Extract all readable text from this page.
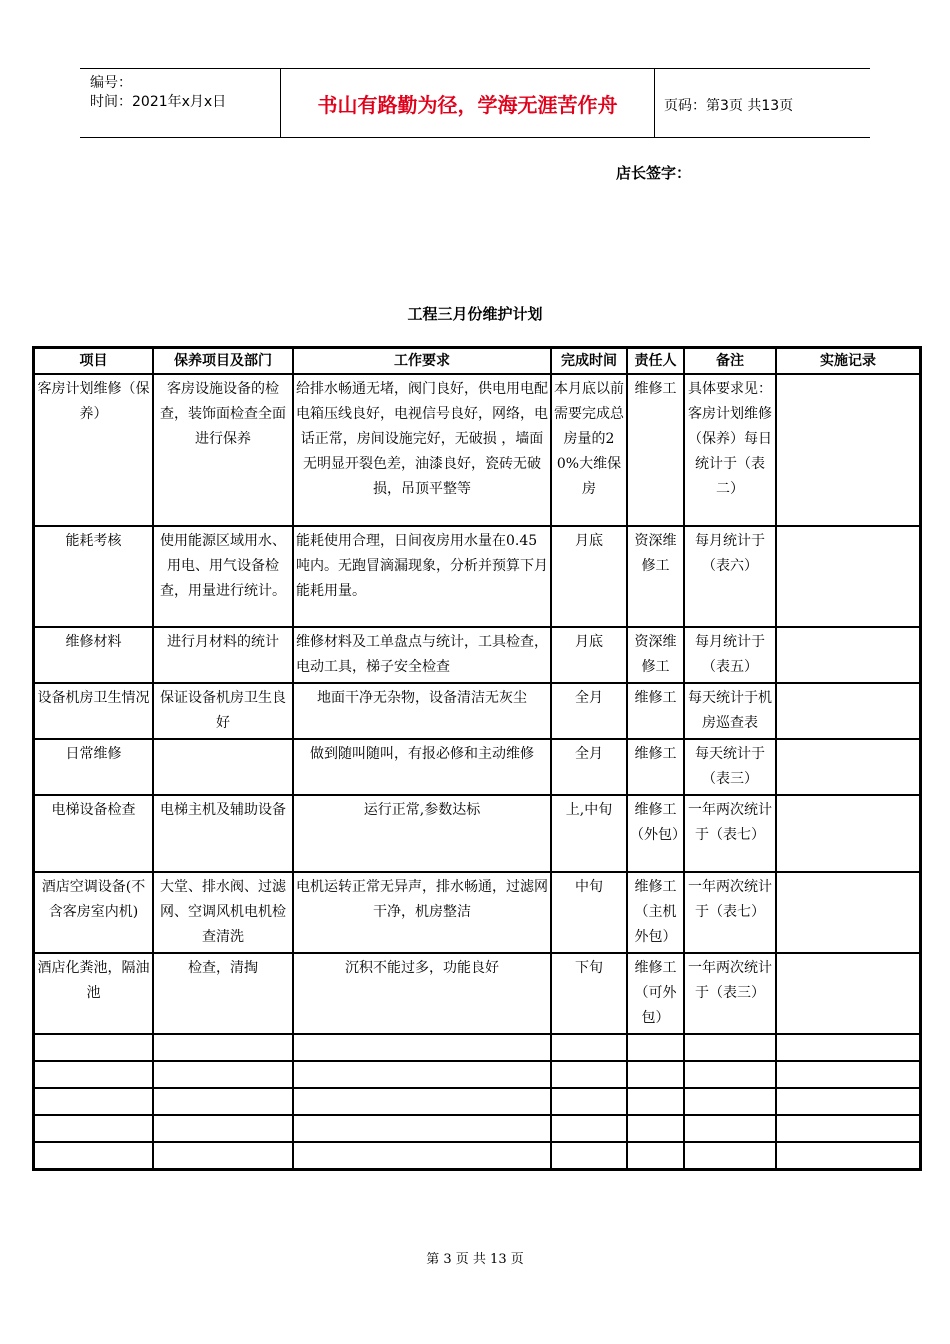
编号：
时间：2021年x月x日	书山有路勤为径，学海无涯苦作舟	页码：第3页 共13页
店长签字：
工程三月份维护计划
项目	保养项目及部门	工作要求	完成时间	责任人	备注	实施记录
客房计划维修（保养）	客房设施设备的检查，装饰面检查全面进行保养	给排水畅通无堵，阀门良好，供电用电配电箱压线良好，电视信号良好，网络，电话正常，房间设施完好，无破损 ，墙面无明显开裂色差，油漆良好，瓷砖无破损，吊顶平整等	本月底以前需要完成总房量的20%大维保房	维修工	具体要求见：客房计划维修（保养）每日统计于（表二）	
能耗考核	使用能源区域用水、用电、用气设备检查，用量进行统计。	能耗使用合理，日间夜房用水量在0.45吨内。无跑冒滴漏现象，分析并预算下月能耗用量。	月底	资深维修工	每月统计于（表六）	
维修材料	进行月材料的统计	维修材料及工单盘点与统计，工具检查，电动工具，梯子安全检查	月底	资深维修工	每月统计于（表五）	
设备机房卫生情况	保证设备机房卫生良好	地面干净无杂物，设备清洁无灰尘	全月	维修工	每天统计于机房巡查表	
日常维修		做到随叫随叫，有报必修和主动维修	全月	维修工	每天统计于（表三）	
电梯设备检查	电梯主机及辅助设备	运行正常,参数达标	上,中旬	维修工（外包）	一年两次统计于（表七）	
酒店空调设备(不含客房室内机)	大堂、排水阀、过滤网、空调风机电机检查清洗	电机运转正常无异声，排水畅通，过滤网干净，机房整洁	中旬	维修工（主机外包）	一年两次统计于（表七）	
酒店化粪池，隔油池	检查，清掏	沉积不能过多，功能良好	下旬	维修工（可外包）	一年两次统计于（表三）	

第 3 页 共 13 页
